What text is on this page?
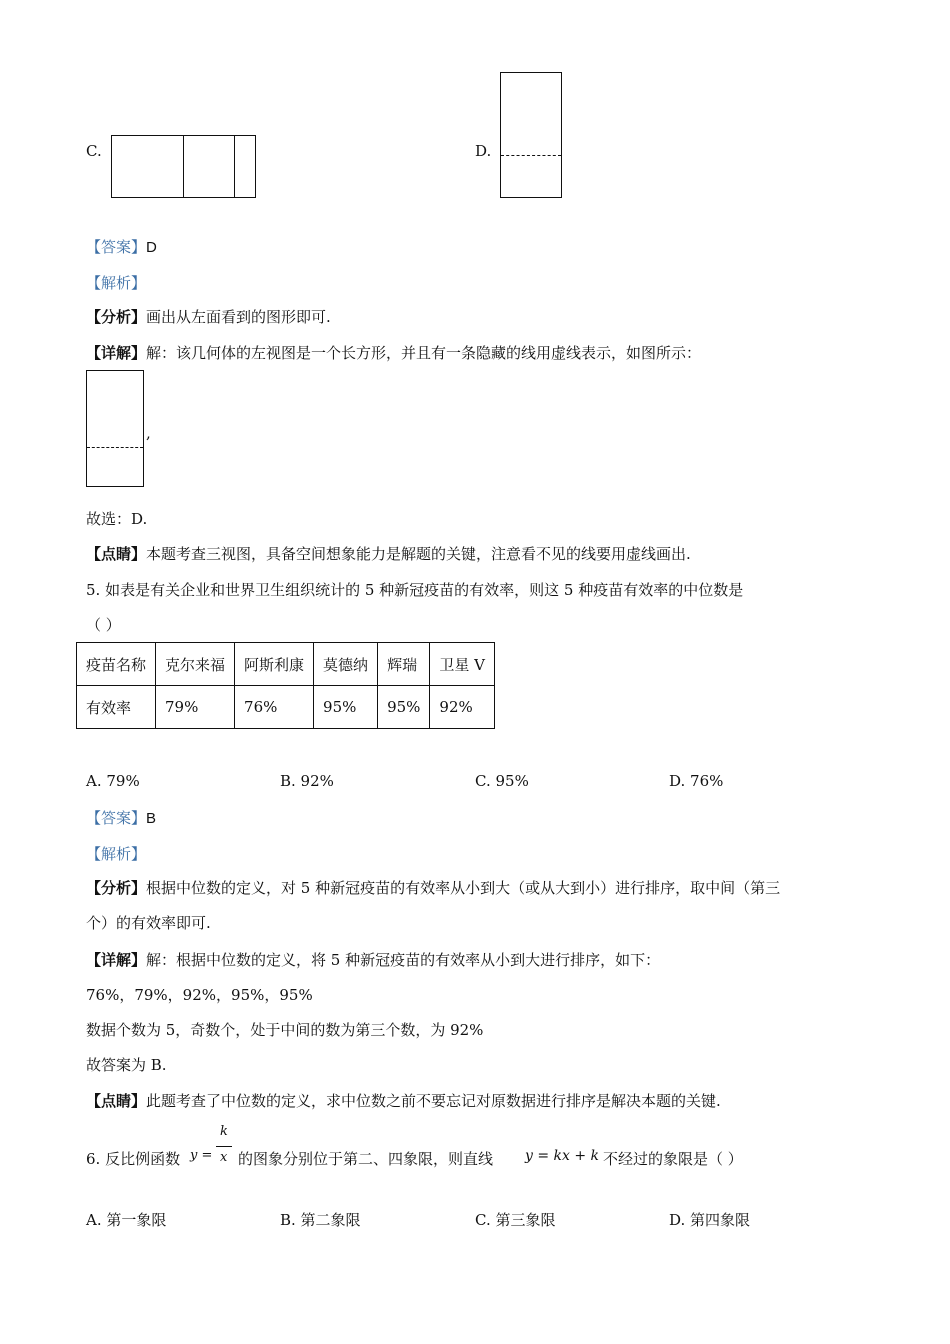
C.	D.
【答案】D
【解析】
【分析】画出从左面看到的图形即可.
【详解】解：该几何体的左视图是一个长方形，并且有一条隐藏的线用虚线表示，如图所示：
,
故选：D.
【点睛】本题考查三视图，具备空间想象能力是解题的关键，注意看不见的线要用虚线画出.
5. 如表是有关企业和世界卫生组织统计的 5 种新冠疫苗的有效率，则这 5 种疫苗有效率的中位数是
（ ）
疫苗名称	克尔来福	阿斯利康	莫德纳	辉瑞	卫星 V
有效率	79%	76%	95%	95%	92%
A. 79%	B. 92%	C. 95%	D. 76%
【答案】B
【解析】
【分析】根据中位数的定义，对 5 种新冠疫苗的有效率从小到大（或从大到小）进行排序，取中间（第三
个）的有效率即可.
【详解】解：根据中位数的定义，将 5 种新冠疫苗的有效率从小到大进行排序，如下：
76%，79%，92%，95%，95%
数据个数为 5，奇数个，处于中间的数为第三个数，为 92%
故答案为 B.
【点睛】此题考查了中位数的定义，求中位数之前不要忘记对原数据进行排序是解决本题的关键.
6. 反比例函数 y =
k
x 的图象分别位于第二、四象限，则直线 y = kx + k 不经过的象限是（ ）
A. 第一象限	B. 第二象限	C. 第三象限	D. 第四象限
